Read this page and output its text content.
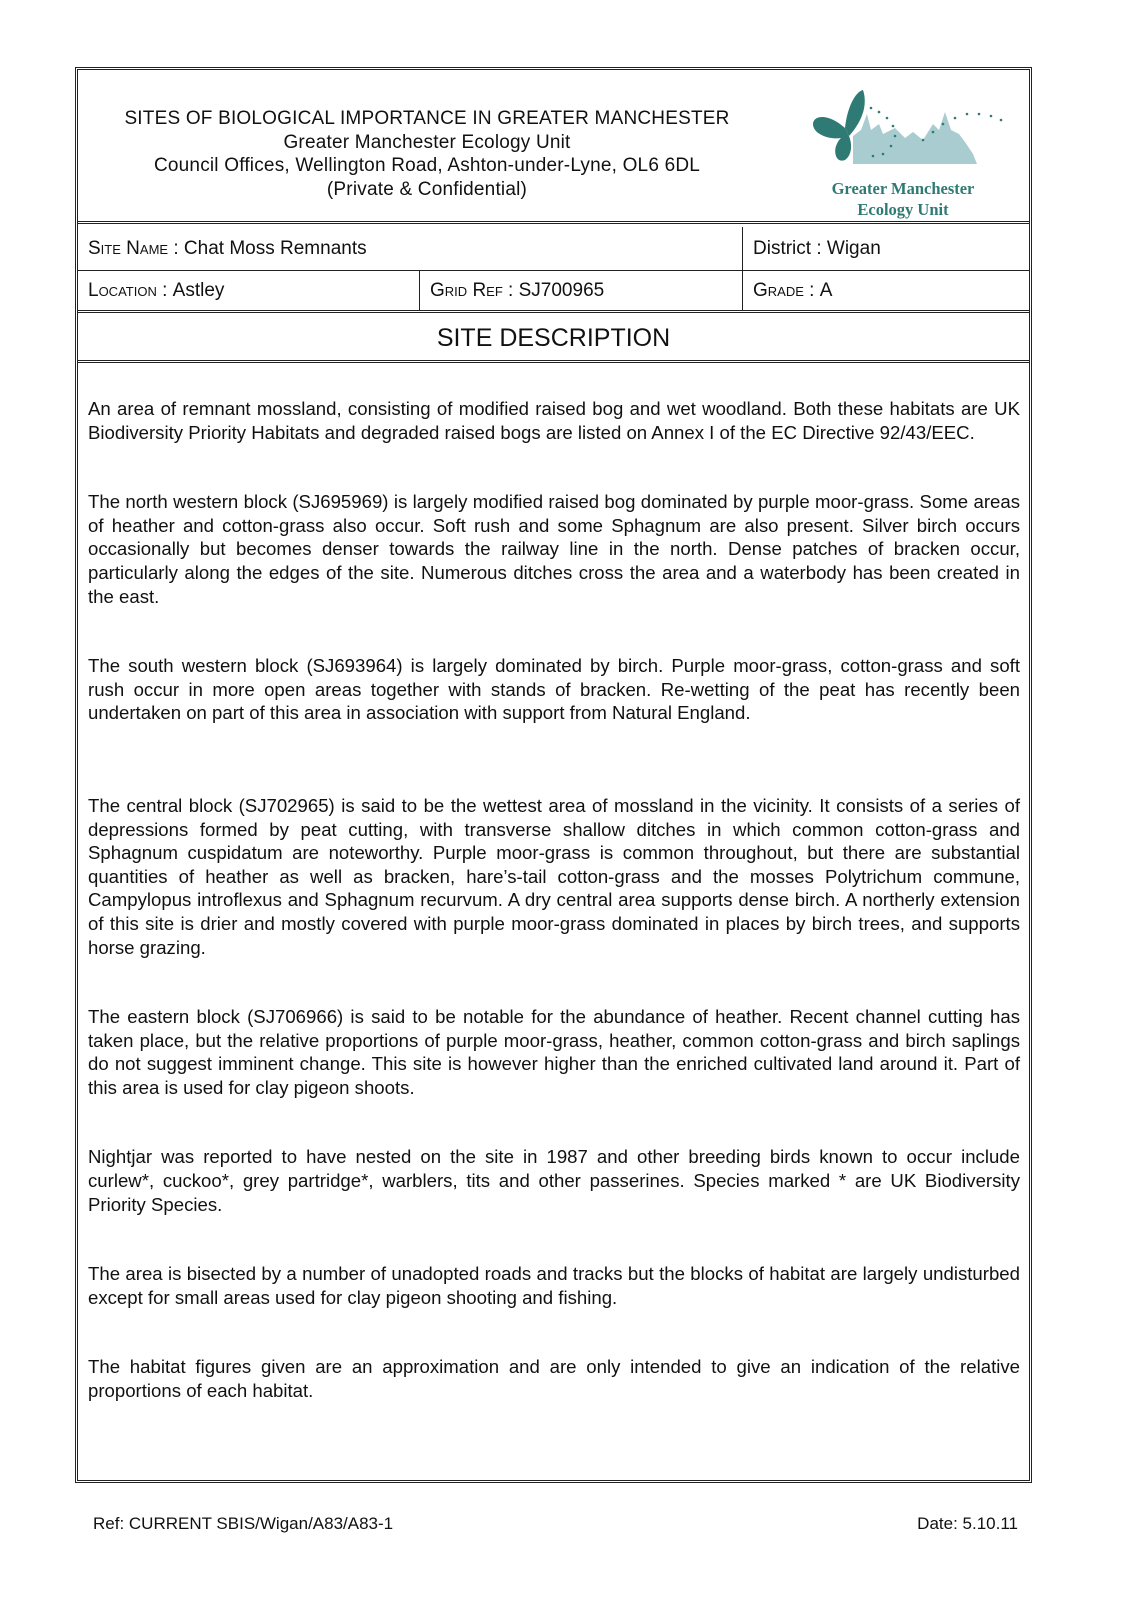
SITES OF BIOLOGICAL IMPORTANCE IN GREATER MANCHESTER
Greater Manchester Ecology Unit
Council Offices, Wellington Road, Ashton-under-Lyne, OL6 6DL
(Private & Confidential)	Greater Manchester
Ecology Unit
Site Name : Chat Moss Remnants	District : Wigan
Location : Astley	Grid Ref : SJ700965	Grade : A
SITE DESCRIPTION

An area of remnant mossland, consisting of modified raised bog and wet woodland. Both these habitats are UK Biodiversity Priority Habitats and degraded raised bogs are listed on Annex I of the EC Directive 92/43/EEC.

The north western block (SJ695969) is largely modified raised bog dominated by purple moor-grass. Some areas of heather and cotton-grass also occur. Soft rush and some Sphagnum are also present. Silver birch occurs occasionally but becomes denser towards the railway line in the north. Dense patches of bracken occur, particularly along the edges of the site. Numerous ditches cross the area and a waterbody has been created in the east.

The south western block (SJ693964) is largely dominated by birch. Purple moor-grass, cotton-grass and soft rush occur in more open areas together with stands of bracken. Re-wetting of the peat has recently been undertaken on part of this area in association with support from Natural England.

The central block (SJ702965) is said to be the wettest area of mossland in the vicinity. It consists of a series of depressions formed by peat cutting, with transverse shallow ditches in which common cotton-grass and Sphagnum cuspidatum are noteworthy. Purple moor-grass is common throughout, but there are substantial quantities of heather as well as bracken, hare’s-tail cotton-grass and the mosses Polytrichum commune, Campylopus introflexus and Sphagnum recurvum. A dry central area supports dense birch. A northerly extension of this site is drier and mostly covered with purple moor-grass dominated in places by birch trees, and supports horse grazing.

The eastern block (SJ706966) is said to be notable for the abundance of heather. Recent channel cutting has taken place, but the relative proportions of purple moor-grass, heather, common cotton-grass and birch saplings do not suggest imminent change. This site is however higher than the enriched cultivated land around it. Part of this area is used for clay pigeon shoots.

Nightjar was reported to have nested on the site in 1987 and other breeding birds known to occur include curlew*, cuckoo*, grey partridge*, warblers, tits and other passerines. Species marked * are UK Biodiversity Priority Species.

The area is bisected by a number of unadopted roads and tracks but the blocks of habitat are largely undisturbed except for small areas used for clay pigeon shooting and fishing.

The habitat figures given are an approximation and are only intended to give an indication of the relative proportions of each habitat.

Ref: CURRENT SBIS/Wigan/A83/A83-1	Date: 5.10.11
